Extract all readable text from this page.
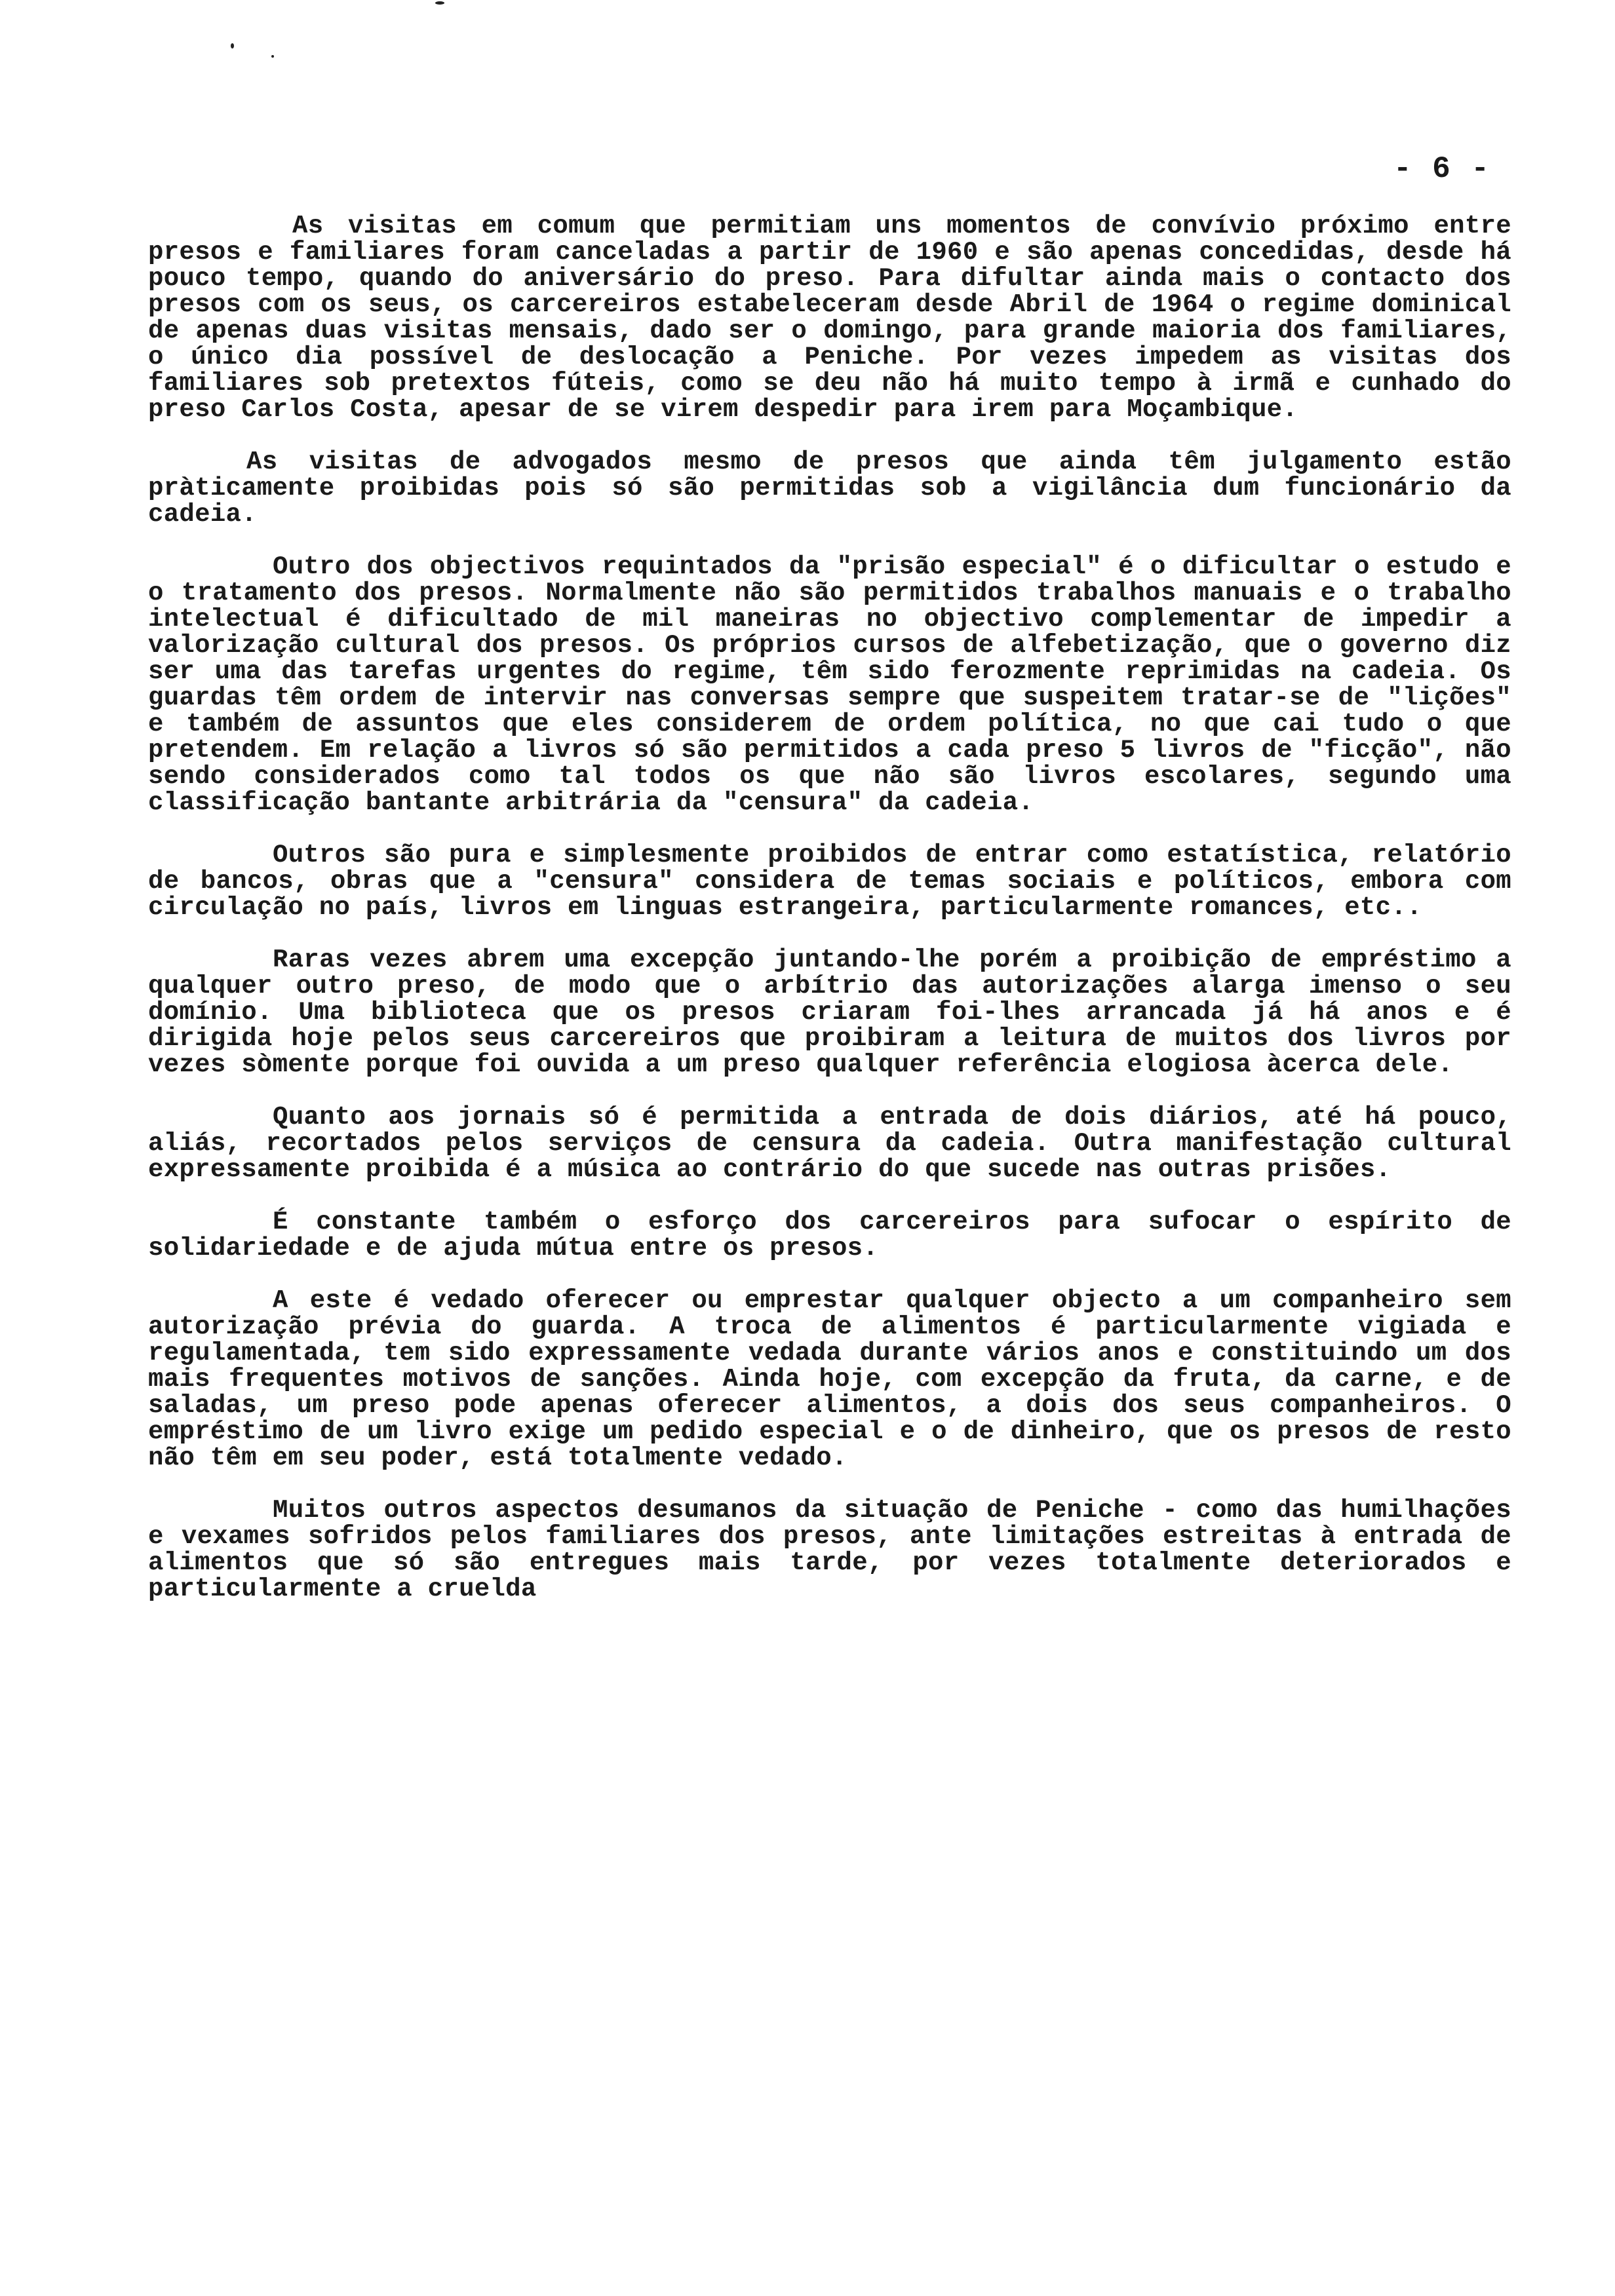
- 6 -

As visitas em comum que permitiam uns momentos de convívio próximo entre presos e familiares foram canceladas a partir de 1960 e são apenas concedidas, desde há pouco tempo, quando do aniversário do preso. Para difultar ainda mais o contacto dos presos com os seus, os carcereiros estabeleceram desde Abril de 1964 o regime dominical de apenas duas visitas mensais, dado ser o domingo, para grande maioria dos familiares, o único dia possível de deslocação a Peniche. Por vezes impedem as visitas dos familiares sob pretextos fúteis, como se deu não há muito tempo à irmã e cunhado do preso Carlos Costa, apesar de se virem despedir para irem para Moçambique.

As visitas de advogados mesmo de presos que ainda têm julgamento estão pràticamente proibidas pois só são permitidas sob a vigilância dum funcionário da cadeia.

Outro dos objectivos requintados da "prisão especial" é o dificultar o estudo e o tratamento dos presos. Normalmente não são permitidos trabalhos manuais e o trabalho intelectual é dificultado de mil maneiras no objectivo complementar de impedir a valorização cultural dos presos. Os próprios cursos de alfebetização, que o governo diz ser uma das tarefas urgentes do regime, têm sido ferozmente reprimidas na cadeia. Os guardas têm ordem de intervir nas conversas sempre que suspeitem tratar-se de "lições" e também de assuntos que eles considerem de ordem política, no que cai tudo o que pretendem. Em relação a livros só são permitidos a cada preso 5 livros de "ficção", não sendo considerados como tal todos os que não são livros escolares, segundo uma classificação bantante arbitrária da "censura" da cadeia.

Outros são pura e simplesmente proibidos de entrar como estatística, relatório de bancos, obras que a "censura" considera de temas sociais e políticos, embora com circulação no país, livros em linguas estrangeira, particularmente romances, etc..

Raras vezes abrem uma excepção juntando-lhe porém a proibição de empréstimo a qualquer outro preso, de modo que o arbítrio das autorizações alarga imenso o seu domínio. Uma biblioteca que os presos criaram foi-lhes arrancada já há anos e é dirigida hoje pelos seus carcereiros que proibiram a leitura de muitos dos livros por vezes sòmente porque foi ouvida a um preso qualquer referência elogiosa àcerca dele.

Quanto aos jornais só é permitida a entrada de dois diários, até há pouco, aliás, recortados pelos serviços de censura da cadeia. Outra manifestação cultural expressamente proibida é a música ao contrário do que sucede nas outras prisões.

É constante também o esforço dos carcereiros para sufocar o espírito de solidariedade e de ajuda mútua entre os presos.

A este é vedado oferecer ou emprestar qualquer objecto a um companheiro sem autorização prévia do guarda. A troca de alimentos é particularmente vigiada e regulamentada, tem sido expressamente vedada durante vários anos e constituindo um dos mais frequentes motivos de sanções. Ainda hoje, com excepção da fruta, da carne, e de saladas, um preso pode apenas oferecer alimentos, a dois dos seus companheiros. O empréstimo de um livro exige um pedido especial e o de dinheiro, que os presos de resto não têm em seu poder, está totalmente vedado.

Muitos outros aspectos desumanos da situação de Peniche - como das humilhações e vexames sofridos pelos familiares dos presos, ante limitações estreitas à entrada de alimentos que só são entregues mais tarde, por vezes totalmente deteriorados e particularmente a cruelda
